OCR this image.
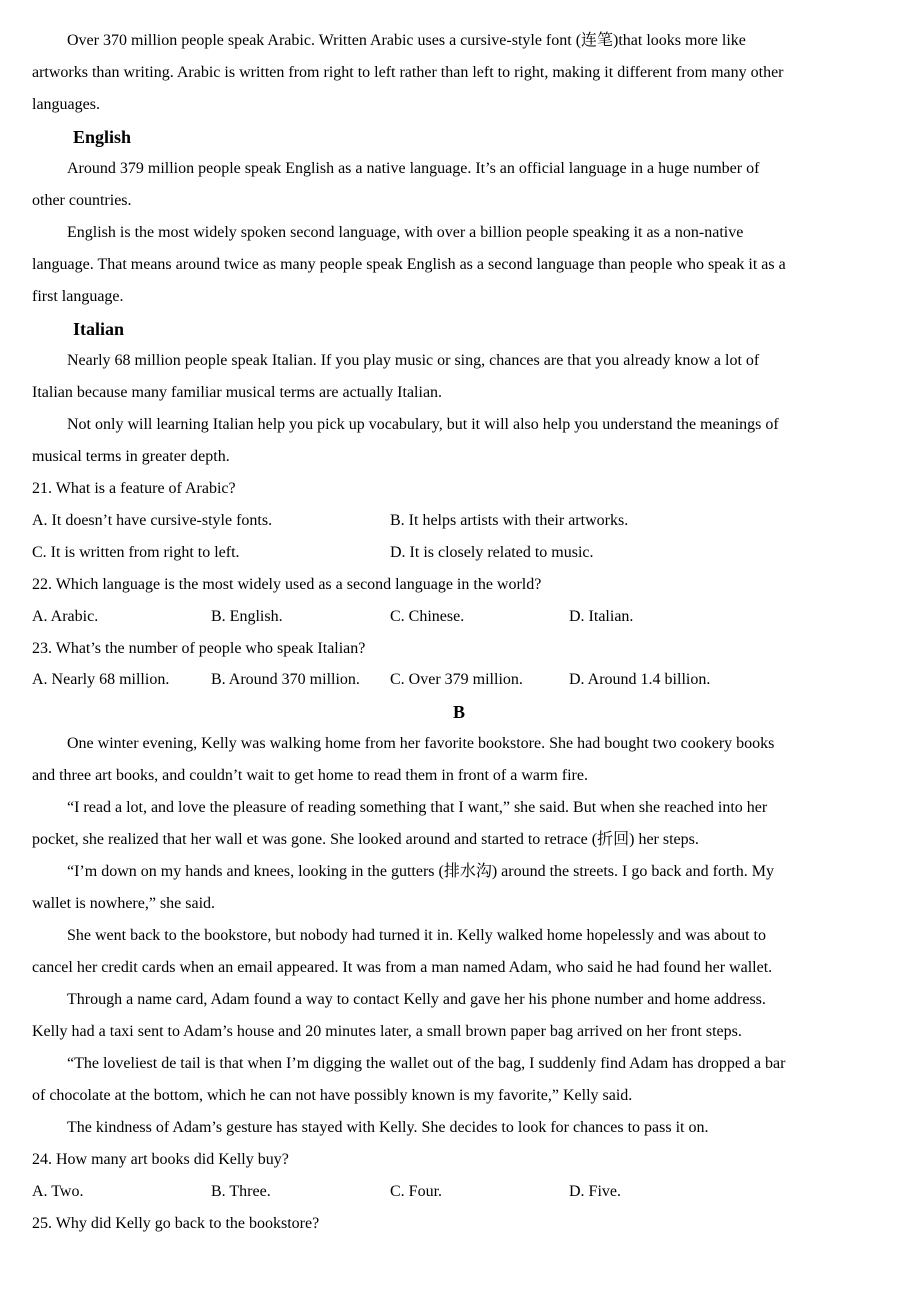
Over 370 million people speak Arabic. Written Arabic uses a cursive-style font (连笔)that looks more like
artworks than writing. Arabic is written from right to left rather than left to right, making it different from many other
languages.
English
Around 379 million people speak English as a native language. It’s an official language in a huge number of
other countries.
English is the most widely spoken second language, with over a billion people speaking it as a non-native
language. That means around twice as many people speak English as a second language than people who speak it as a
first language.
Italian
Nearly 68 million people speak Italian. If you play music or sing, chances are that you already know a lot of
Italian because many familiar musical terms are actually Italian.
Not only will learning Italian help you pick up vocabulary, but it will also help you understand the meanings of
musical terms in greater depth.
21. What is a feature of Arabic?
A. It doesn’t have cursive-style fonts.	B. It helps artists with their artworks.
C. It is written from right to left.	D. It is closely related to music.
22. Which language is the most widely used as a second language in the world?
A. Arabic.	B. English.	C. Chinese.	D. Italian.
23. What’s the number of people who speak Italian?
A. Nearly 68 million.	B. Around 370 million. C. Over 379 million.	D. Around 1.4 billion.
B
One winter evening, Kelly was walking home from her favorite bookstore. She had bought two cookery books
and three art books, and couldn’t wait to get home to read them in front of a warm fire.
“I read a lot, and love the pleasure of reading something that I want,” she said. But when she reached into her
pocket, she realized that her wall et was gone. She looked around and started to retrace (折回) her steps.
“I’m down on my hands and knees, looking in the gutters (排水沟) around the streets. I go back and forth. My
wallet is nowhere,” she said.
She went back to the bookstore, but nobody had turned it in. Kelly walked home hopelessly and was about to
cancel her credit cards when an email appeared. It was from a man named Adam, who said he had found her wallet.
Through a name card, Adam found a way to contact Kelly and gave her his phone number and home address.
Kelly had a taxi sent to Adam’s house and 20 minutes later, a small brown paper bag arrived on her front steps.
“The loveliest de tail is that when I’m digging the wallet out of the bag, I suddenly find Adam has dropped a bar
of chocolate at the bottom, which he can not have possibly known is my favorite,” Kelly said.
The kindness of Adam’s gesture has stayed with Kelly. She decides to look for chances to pass it on.
24. How many art books did Kelly buy?
A. Two.	B. Three.	C. Four.	D. Five.
25. Why did Kelly go back to the bookstore?
